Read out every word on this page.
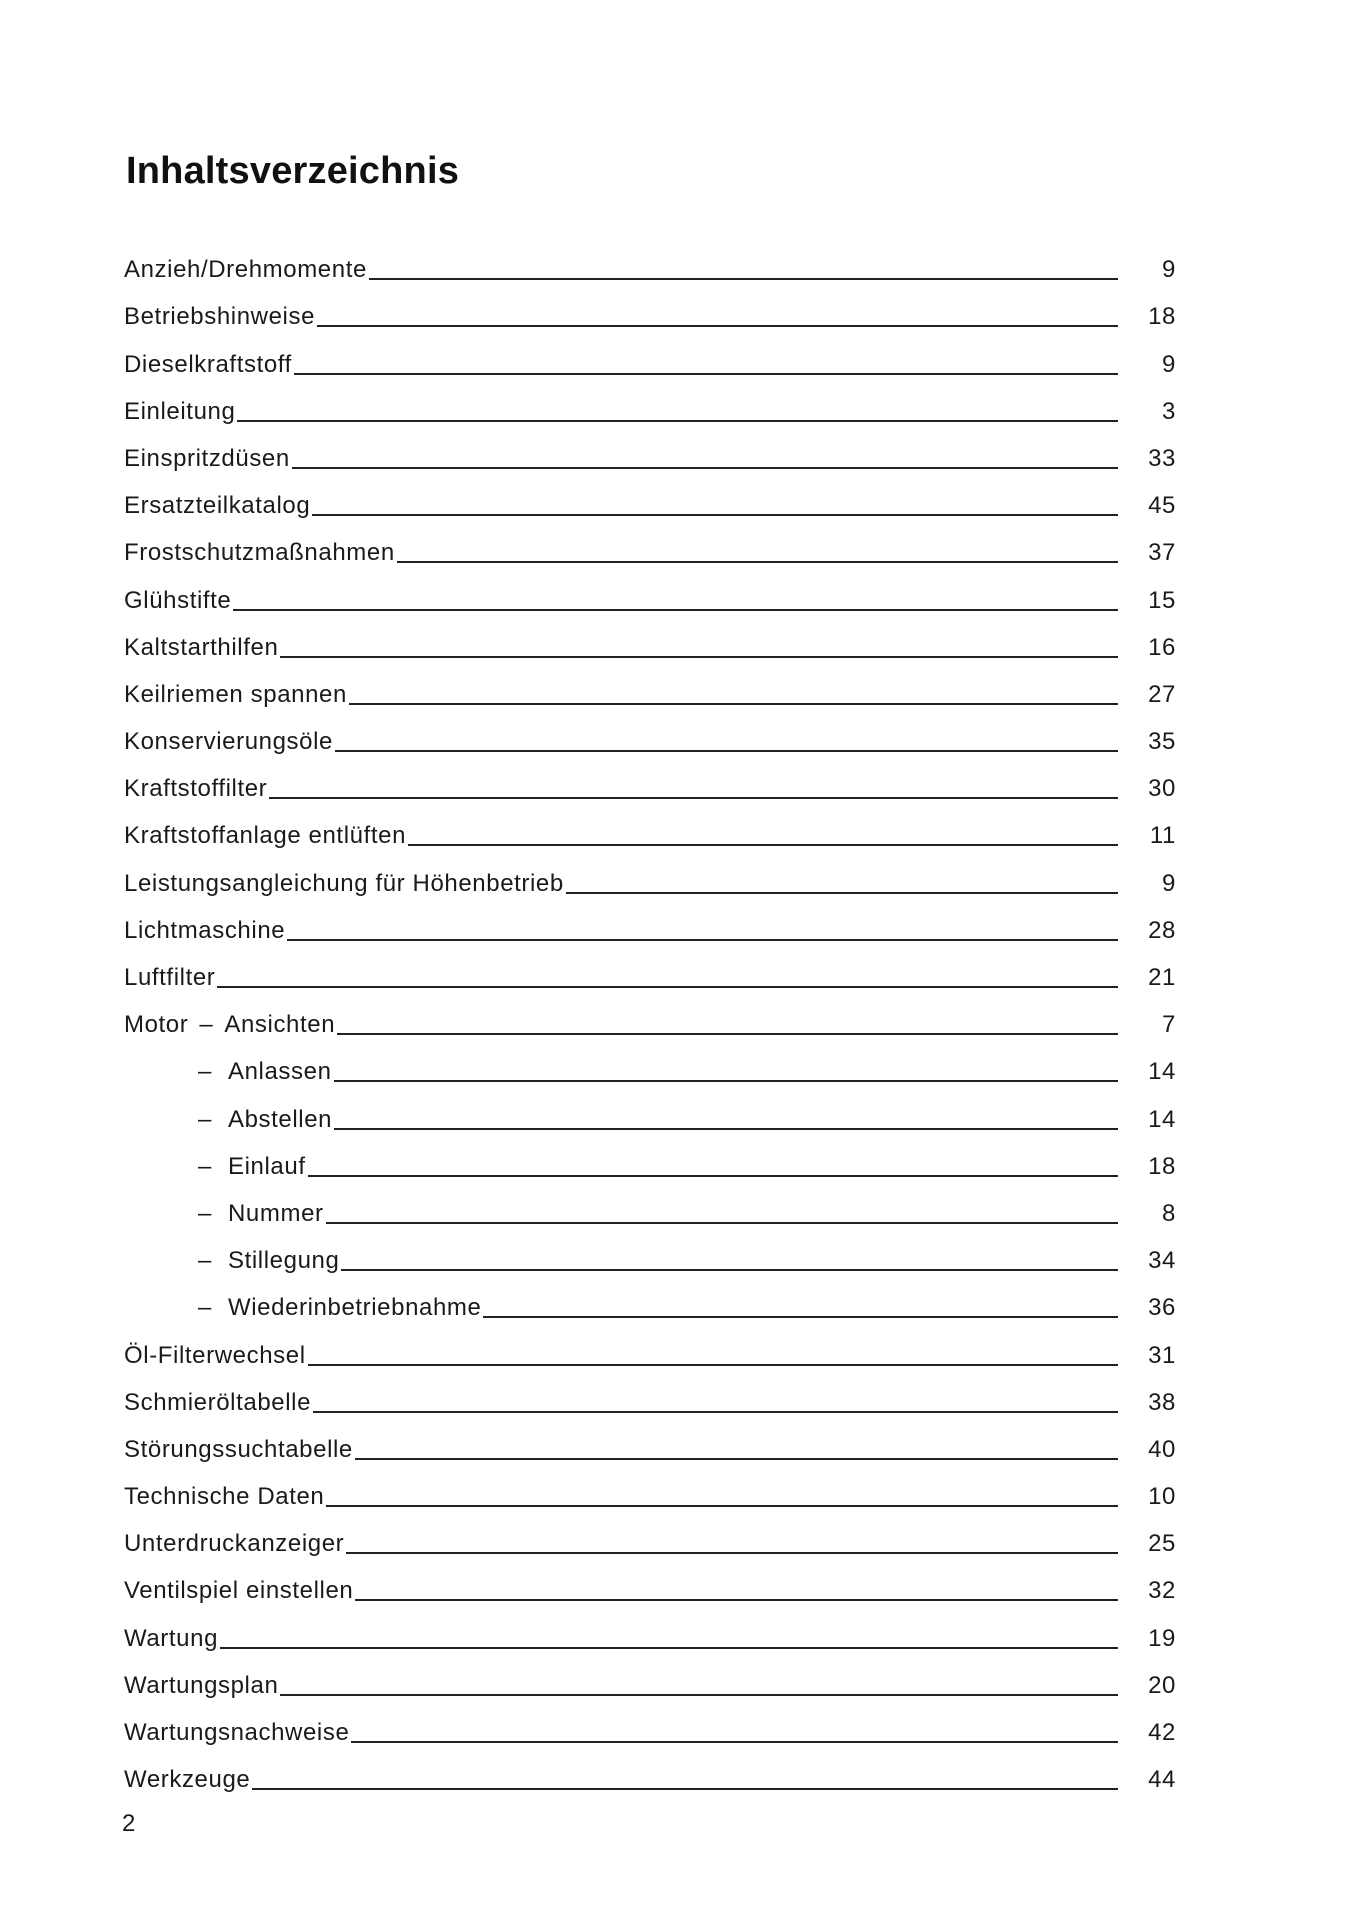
Inhaltsverzeichnis
Anzieh/Drehmomente	9
Betriebshinweise	18
Dieselkraftstoff	9
Einleitung	3
Einspritzdüsen	33
Ersatzteilkatalog	45
Frostschutzmaßnahmen	37
Glühstifte	15
Kaltstarthilfen	16
Keilriemen spannen	27
Konservierungsöle	35
Kraftstoffilter	30
Kraftstoffanlage entlüften	11
Leistungsangleichung für Höhenbetrieb	9
Lichtmaschine	28
Luftfilter	21
Motor – Ansichten	7
– Anlassen	14
– Abstellen	14
– Einlauf	18
– Nummer	8
– Stillegung	34
– Wiederinbetriebnahme	36
Öl-Filterwechsel	31
Schmieröltabelle	38
Störungssuchtabelle	40
Technische Daten	10
Unterdruckanzeiger	25
Ventilspiel einstellen	32
Wartung	19
Wartungsplan	20
Wartungsnachweise	42
Werkzeuge	44
2
